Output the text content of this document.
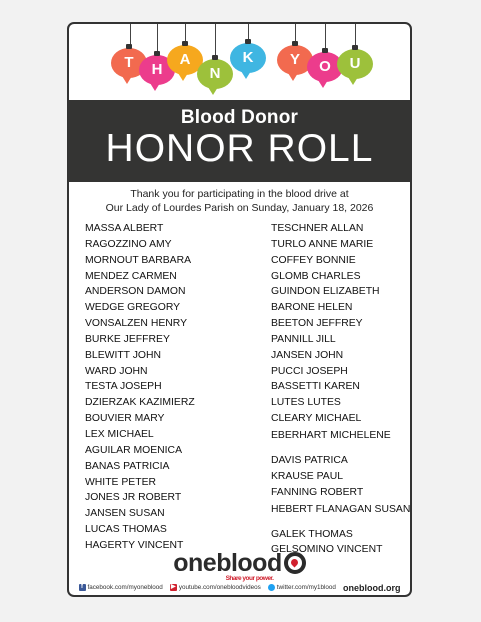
T	H
A
N
K	Y	O	U
Blood Donor
HONOR ROLL
Thank you for participating in the blood drive at
Our Lady of Lourdes Parish on Sunday, January 18, 2026
MASSA ALBERT
RAGOZZINO AMY
MORNOUT BARBARA
MENDEZ CARMEN
ANDERSON DAMON
WEDGE GREGORY
VONSALZEN HENRY
BURKE JEFFREY
BLEWITT JOHN
WARD JOHN
TESTA JOSEPH
DZIERZAK KAZIMIERZ
BOUVIER MARY
LEX MICHAEL
AGUILAR MOENICA
BANAS PATRICIA
WHITE PETER
JONES JR ROBERT
JANSEN SUSAN
LUCAS THOMAS
HAGERTY VINCENT
TESCHNER ALLAN
TURLO ANNE MARIE
COFFEY BONNIE
GLOMB CHARLES
GUINDON ELIZABETH
BARONE HELEN
BEETON JEFFREY
PANNILL JILL
JANSEN JOHN
PUCCI JOSEPH
BASSETTI KAREN
LUTES LUTES
CLEARY MICHAEL
EBERHART MICHELENE
DAVIS PATRICA
KRAUSE PAUL
FANNING ROBERT
HEBERT FLANAGAN SUSAN
GALEK THOMAS
GELSOMINO VINCENT
oneblood
Share your power.
f facebook.com/myoneblood ▶ youtube.com/onebloodvideos	twitter.com/my1blood oneblood.org
